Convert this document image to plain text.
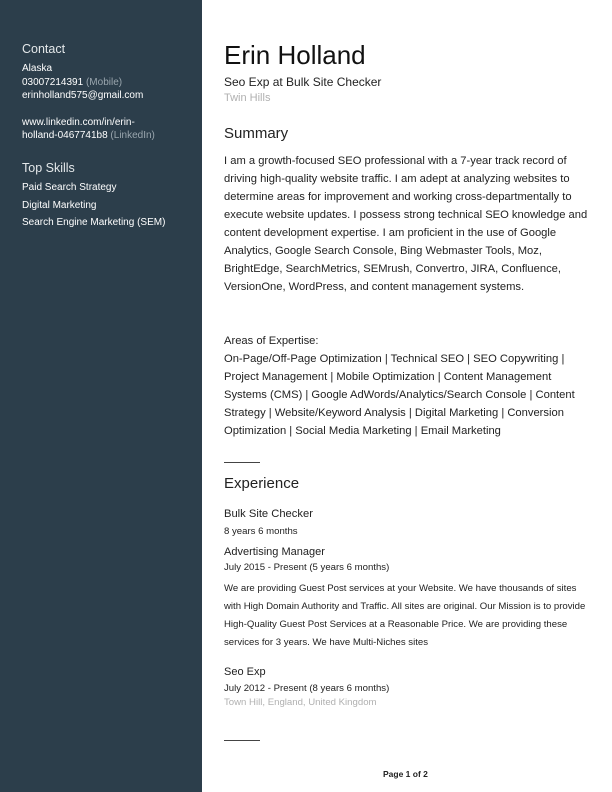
Contact
Alaska
03007214391 (Mobile)
erinholland575@gmail.com
www.linkedin.com/in/erin-
holland-0467741b8 (LinkedIn)
Top Skills
Paid Search Strategy
Digital Marketing
Search Engine Marketing (SEM)
Erin Holland
Seo Exp at Bulk Site Checker
Twin Hills
Summary
I am a growth-focused SEO professional with a 7-year track record of driving high-quality website traffic. I am adept at analyzing websites to determine areas for improvement and working cross-departmentally to execute website updates. I possess strong technical SEO knowledge and content development expertise. I am proficient in the use of Google Analytics, Google Search Console, Bing Webmaster Tools, Moz, BrightEdge, SearchMetrics, SEMrush, Convertro, JIRA, Confluence, VersionOne, WordPress, and content management systems.
Areas of Expertise:
On-Page/Off-Page Optimization | Technical SEO | SEO Copywriting | Project Management | Mobile Optimization | Content Management Systems (CMS) | Google AdWords/Analytics/Search Console | Content Strategy | Website/Keyword Analysis | Digital Marketing | Conversion Optimization | Social Media Marketing | Email Marketing
Experience
Bulk Site Checker
8 years 6 months
Advertising Manager
July 2015 - Present (5 years 6 months)
We are providing Guest Post services at your Website. We have thousands of sites with High Domain Authority and Traffic. All sites are original. Our Mission is to provide High-Quality Guest Post Services at a Reasonable Price. We are providing these services for 3 years. We have Multi-Niches sites
Seo Exp
July 2012 - Present (8 years 6 months)
Town Hill, England, United Kingdom
Page 1 of 2
